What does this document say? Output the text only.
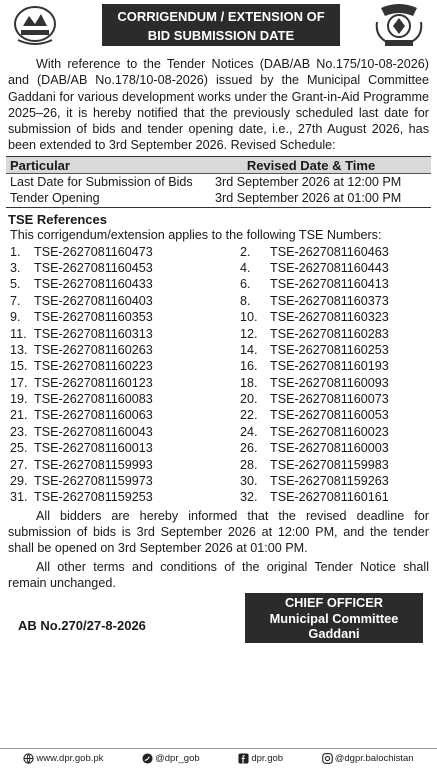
CORRIGENDUM / EXTENSION OF
BID SUBMISSION DATE

With reference to the Tender Notices (DAB/AB No.175/10-08-2026) and (DAB/AB No.178/10-08-2026) issued by the Municipal Committee Gaddani for various development works under the Grant-in-Aid Programme 2025–26, it is hereby notified that the previously scheduled last date for submission of bids and tender opening date, i.e., 27th August 2026, has been extended to 3rd September 2026. Revised Schedule:

Particular	Revised Date & Time
Last Date for Submission of Bids	3rd September 2026 at 12:00 PM
Tender Opening	3rd September 2026 at 01:00 PM
TSE References
This corrigendum/extension applies to the following TSE Numbers:
1.	TSE-2627081160473	2.	TSE-2627081160463
3.	TSE-2627081160453	4.	TSE-2627081160443
5.	TSE-2627081160433	6.	TSE-2627081160413
7.	TSE-2627081160403	8.	TSE-2627081160373
9.	TSE-2627081160353	10. TSE-2627081160323
11. TSE-2627081160313	12. TSE-2627081160283
13. TSE-2627081160263	14. TSE-2627081160253
15. TSE-2627081160223	16. TSE-2627081160193
17. TSE-2627081160123	18. TSE-2627081160093
19. TSE-2627081160083	20. TSE-2627081160073
21. TSE-2627081160063	22. TSE-2627081160053
23. TSE-2627081160043	24. TSE-2627081160023
25. TSE-2627081160013	26. TSE-2627081160003
27. TSE-2627081159993	28. TSE-2627081159983
29. TSE-2627081159973	30. TSE-2627081159263
31. TSE-2627081159253	32. TSE-2627081160161

All bidders are hereby informed that the revised deadline for submission of bids is 3rd September 2026 at 12:00 PM, and the tender shall be opened on 3rd September 2026 at 01:00 PM.

All other terms and conditions of the original Tender Notice shall remain unchanged.

AB No.270/27-8-2026
CHIEF OFFICER
Municipal Committee
Gaddani
www.dpr.gob.pk	@dpr_gob	dpr.gob	@dgpr.balochistan
